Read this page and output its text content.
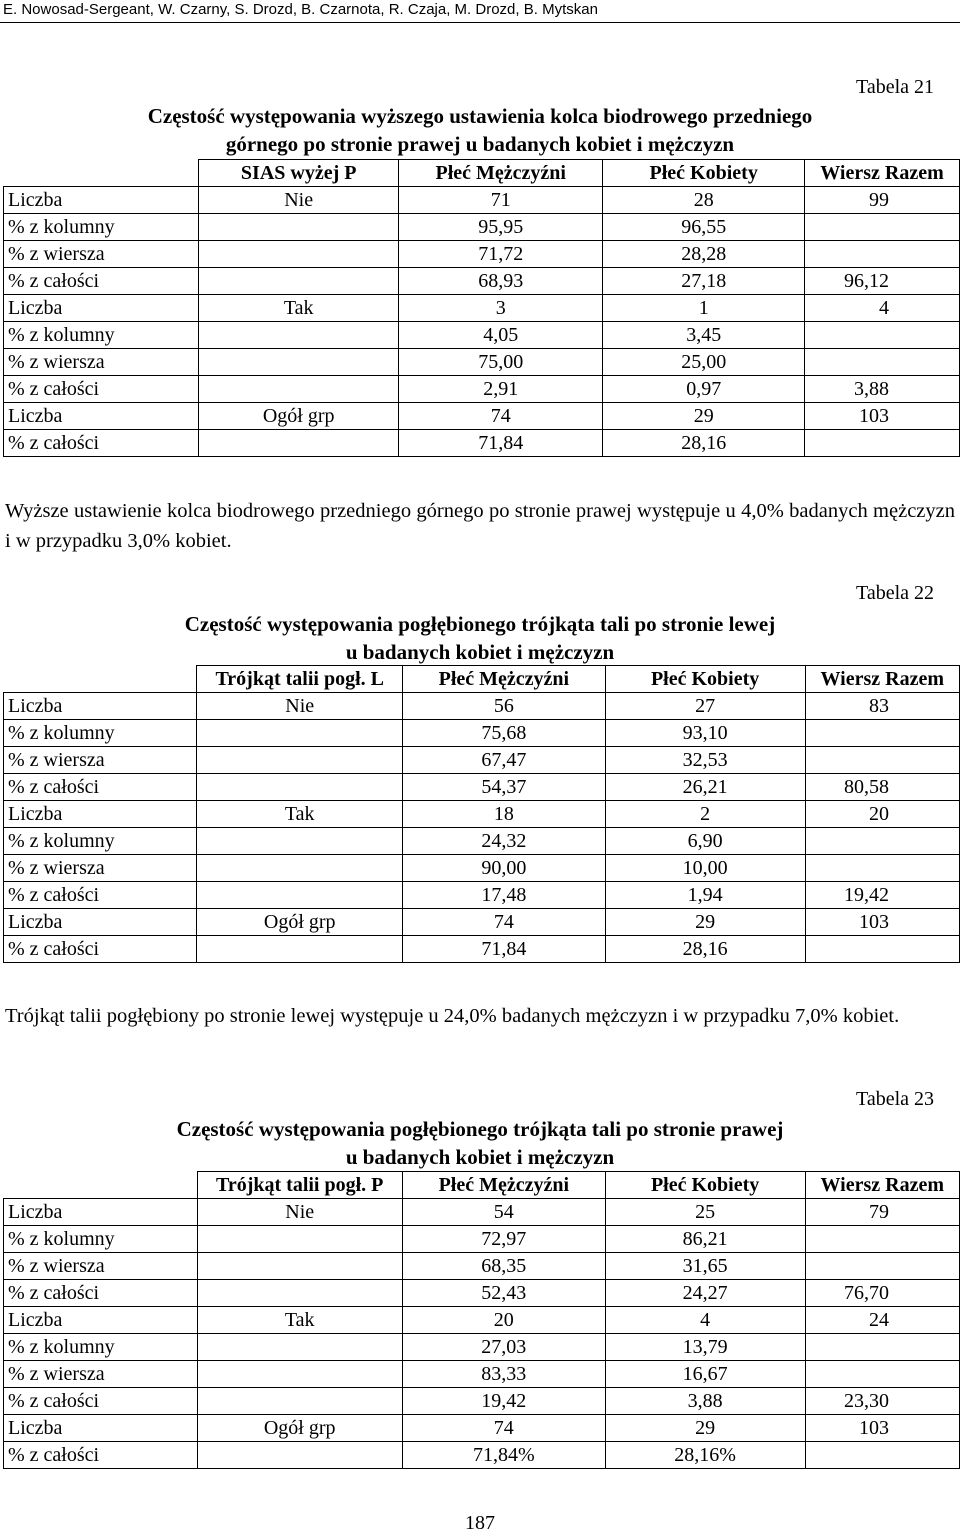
E. Nowosad-Sergeant, W. Czarny, S. Drozd, B. Czarnota, R. Czaja, M. Drozd, B. Mytskan
Tabela 21
Częstość występowania wyższego ustawienia kolca biodrowego przedniego
górnego po stronie prawej u badanych kobiet i mężczyzn
	SIAS wyżej P	Płeć Mężczyźni	Płeć Kobiety	Wiersz Razem
Liczba	Nie	71	28	99
% z kolumny		95,95	96,55	
% z wiersza		71,72	28,28	
% z całości		68,93	27,18	96,12
Liczba	Tak	3	1	4
% z kolumny		4,05	3,45	
% z wiersza		75,00	25,00	
% z całości		2,91	0,97	3,88
Liczba	Ogół grp	74	29	103
% z całości		71,84	28,16	
Wyższe ustawienie kolca biodrowego przedniego górnego po stronie prawej występuje u 4,0% badanych mężczyzn i w przypadku 3,0% kobiet.
Tabela 22
Częstość występowania pogłębionego trójkąta tali po stronie lewej
u badanych kobiet i mężczyzn
	Trójkąt talii pogł. L	Płeć Mężczyźni	Płeć Kobiety	Wiersz Razem
Liczba	Nie	56	27	83
% z kolumny		75,68	93,10	
% z wiersza		67,47	32,53	
% z całości		54,37	26,21	80,58
Liczba	Tak	18	2	20
% z kolumny		24,32	6,90	
% z wiersza		90,00	10,00	
% z całości		17,48	1,94	19,42
Liczba	Ogół grp	74	29	103
% z całości		71,84	28,16	
Trójkąt talii pogłębiony po stronie lewej występuje u 24,0% badanych mężczyzn i w przypadku 7,0% kobiet.
Tabela 23
Częstość występowania pogłębionego trójkąta tali po stronie prawej
u badanych kobiet i mężczyzn
	Trójkąt talii pogł. P	Płeć Mężczyźni	Płeć Kobiety	Wiersz Razem
Liczba	Nie	54	25	79
% z kolumny		72,97	86,21	
% z wiersza		68,35	31,65	
% z całości		52,43	24,27	76,70
Liczba	Tak	20	4	24
% z kolumny		27,03	13,79	
% z wiersza		83,33	16,67	
% z całości		19,42	3,88	23,30
Liczba	Ogół grp	74	29	103
% z całości		71,84%	28,16%	
187
